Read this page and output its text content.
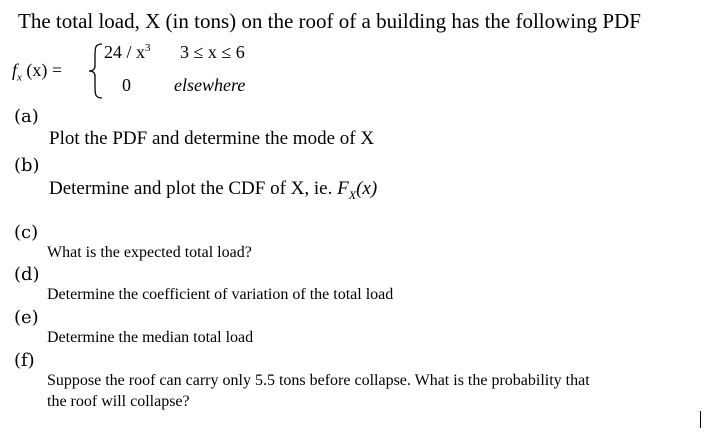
The total load, X (in tons) on the roof of a building has the following PDF
$f_x$ (x) =
$24 / x^3$ 3 ≤ x ≤ 6
0 elsewhere
(a)
Plot the PDF and determine the mode of X
(b)
Determine and plot the CDF of X, ie. $F_X(x)$
(c)
What is the expected total load?
(d)
Determine the coefficient of variation of the total load
(e)
Determine the median total load
(f)
Suppose the roof can carry only 5.5 tons before collapse. What is the probability that
the roof will collapse?
